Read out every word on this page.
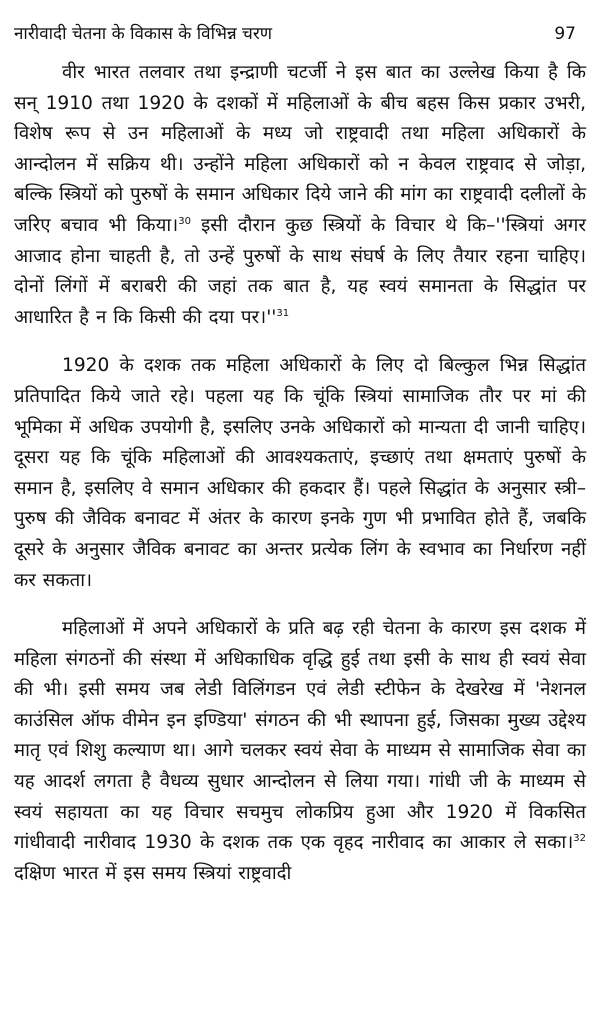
नारीवादी चेतना के विकास के विभिन्न चरण	97

वीर भारत तलवार तथा इन्द्राणी चटर्जी ने इस बात का उल्लेख किया है कि सन् 1910 तथा 1920 के दशकों में महिलाओं के बीच बहस किस प्रकार उभरी, विशेष रूप से उन महिलाओं के मध्य जो राष्ट्रवादी तथा महिला अधिकारों के आन्दोलन में सक्रिय थी। उन्होंने महिला अधिकारों को न केवल राष्ट्रवाद से जोड़ा, बल्कि स्त्रियों को पुरुषों के समान अधिकार दिये जाने की मांग का राष्ट्रवादी दलीलों के जरिए बचाव भी किया।$^{30}$ इसी दौरान कुछ स्त्रियों के विचार थे कि–''स्त्रियां अगर आजाद होना चाहती है, तो उन्हें पुरुषों के साथ संघर्ष के लिए तैयार रहना चाहिए। दोनों लिंगों में बराबरी की जहां तक बात है, यह स्वयं समानता के सिद्धांत पर आधारित है न कि किसी की दया $पर।''^{31}$

1920 के दशक तक महिला अधिकारों के लिए दो बिल्कुल भिन्न सिद्धांत प्रतिपादित किये जाते रहे। पहला यह कि चूंकि स्त्रियां सामाजिक तौर पर मां की भूमिका में अधिक उपयोगी है, इसलिए उनके अधिकारों को मान्यता दी जानी चाहिए। दूसरा यह कि चूंकि महिलाओं की आवश्यकताएं, इच्छाएं तथा क्षमताएं पुरुषों के समान है, इसलिए वे समान अधिकार की हकदार हैं। पहले सिद्धांत के अनुसार स्त्री–पुरुष की जैविक बनावट में अंतर के कारण इनके गुण भी प्रभावित होते हैं, जबकि दूसरे के अनुसार जैविक बनावट का अन्तर प्रत्येक लिंग के स्वभाव का निर्धारण नहीं कर सकता।

महिलाओं में अपने अधिकारों के प्रति बढ़ रही चेतना के कारण इस दशक में महिला संगठनों की संस्था में अधिकाधिक वृद्धि हुई तथा इसी के साथ ही स्वयं सेवा की भी। इसी समय जब लेडी विलिंगडन एवं लेडी स्टीफेन के देखरेख में 'नेशनल काउंसिल ऑफ वीमेन इन इण्डिया' संगठन की भी स्थापना हुई, जिसका मुख्य उद्देश्य मातृ एवं शिशु कल्याण था। आगे चलकर स्वयं सेवा के माध्यम से सामाजिक सेवा का यह आदर्श लगता है वैधव्य सुधार आन्दोलन से लिया गया। गांधी जी के माध्यम से स्वयं सहायता का यह विचार सचमुच लोकप्रिय हुआ और 1920 में विकसित गांधीवादी नारीवाद 1930 के दशक तक एक वृहद नारीवाद का आकार ले सका।$^{32}$ दक्षिण भारत में इस समय स्त्रियां राष्ट्रवादी
